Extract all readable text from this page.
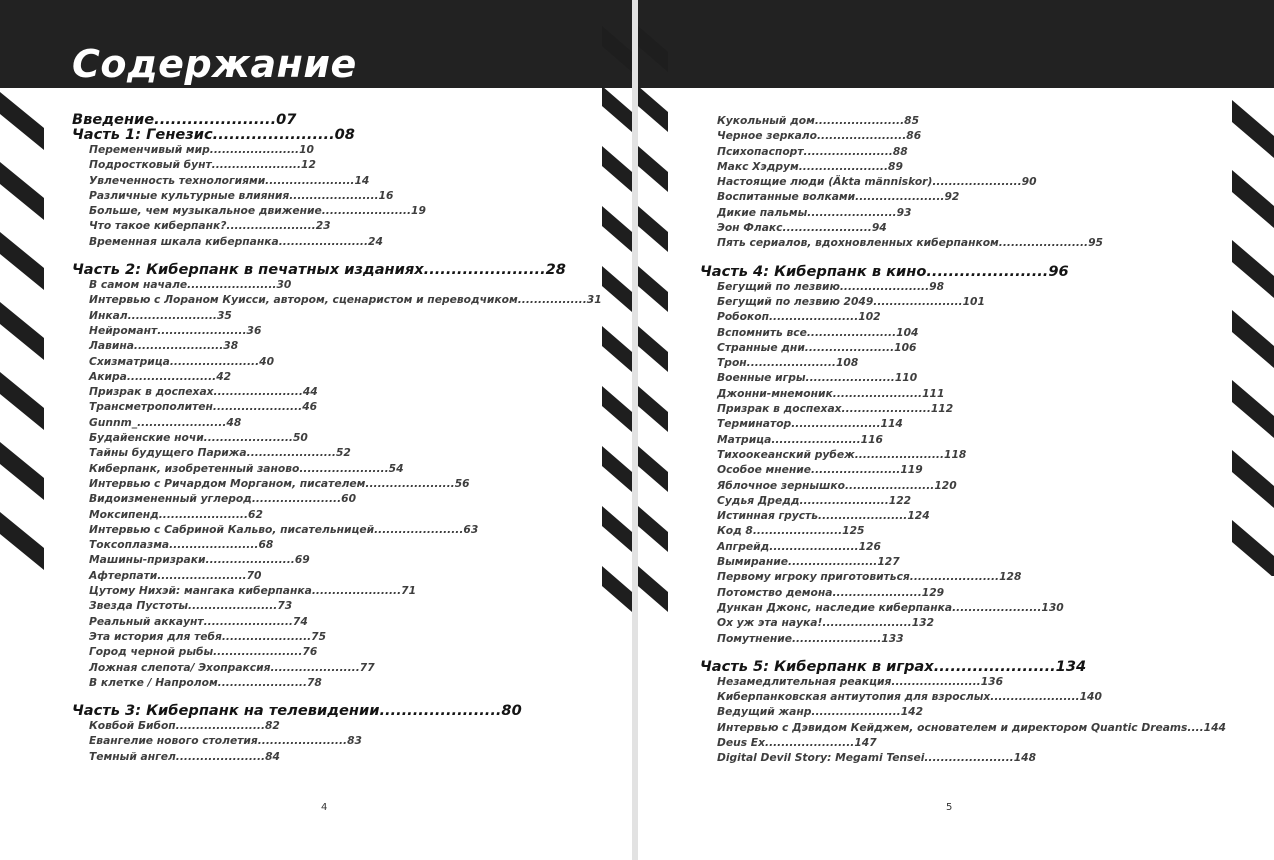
Содержание
Введение......................07
Часть 1: Генезис......................08
Переменчивый мир......................10
Подростковый бунт......................12
Увлеченность технологиями......................14
Различные культурные влияния......................16
Больше, чем музыкальное движение......................19
Что такое киберпанк?......................23
Временная шкала киберпанка......................24
Часть 2: Киберпанк в печатных изданиях......................28
В самом начале......................30
Интервью с Лораном Куисси, автором, сценаристом и переводчиком.................31
Инкал......................35
Нейромант......................36
Лавина......................38
Схизматрица......................40
Акира......................42
Призрак в доспехах......................44
Трансметрополитен......................46
Gunnm_......................48
Будайенские ночи......................50
Тайны будущего Парижа......................52
Киберпанк, изобретенный заново......................54
Интервью с Ричардом Морганом, писателем......................56
Видоизмененный углерод......................60
Моксипенд......................62
Интервью с Сабриной Кальво, писательницей......................63
Токсоплазма......................68
Машины-призраки......................69
Афтерпати......................70
Цутому Нихэй: мангака киберпанка......................71
Звезда Пустоты......................73
Реальный аккаунт......................74
Эта история для тебя......................75
Город черной рыбы......................76
Ложная слепота/ Эхопраксия......................77
В клетке / Напролом......................78
Часть 3: Киберпанк на телевидении......................80
Ковбой Бибоп......................82
Евангелие нового столетия......................83
Темный ангел......................84
4
Кукольный дом......................85
Черное зеркало......................86
Психопаспорт......................88
Макс Хэдрум......................89
Настоящие люди (Äkta människor)......................90
Воспитанные волками......................92
Дикие пальмы......................93
Эон Флакс......................94
Пять сериалов, вдохновленных киберпанком......................95
Часть 4: Киберпанк в кино......................96
Бегущий по лезвию......................98
Бегущий по лезвию 2049......................101
Робокоп......................102
Вспомнить все......................104
Странные дни......................106
Трон......................108
Военные игры......................110
Джонни-мнемоник......................111
Призрак в доспехах......................112
Терминатор......................114
Матрица......................116
Тихоокеанский рубеж......................118
Особое мнение......................119
Яблочное зернышко......................120
Судья Дредд......................122
Истинная грусть......................124
Код 8......................125
Апгрейд......................126
Вымирание......................127
Первому игроку приготовиться......................128
Потомство демона......................129
Дункан Джонс, наследие киберпанка......................130
Ох уж эта наука!......................132
Помутнение......................133
Часть 5: Киберпанк в играх......................134
Незамедлительная реакция......................136
Киберпанковская антиутопия для взрослых......................140
Ведущий жанр......................142
Интервью с Дэвидом Кейджем, основателем и директором Quantic Dreams....144
Deus Ex......................147
Digital Devil Story: Megami Tensei......................148
5
